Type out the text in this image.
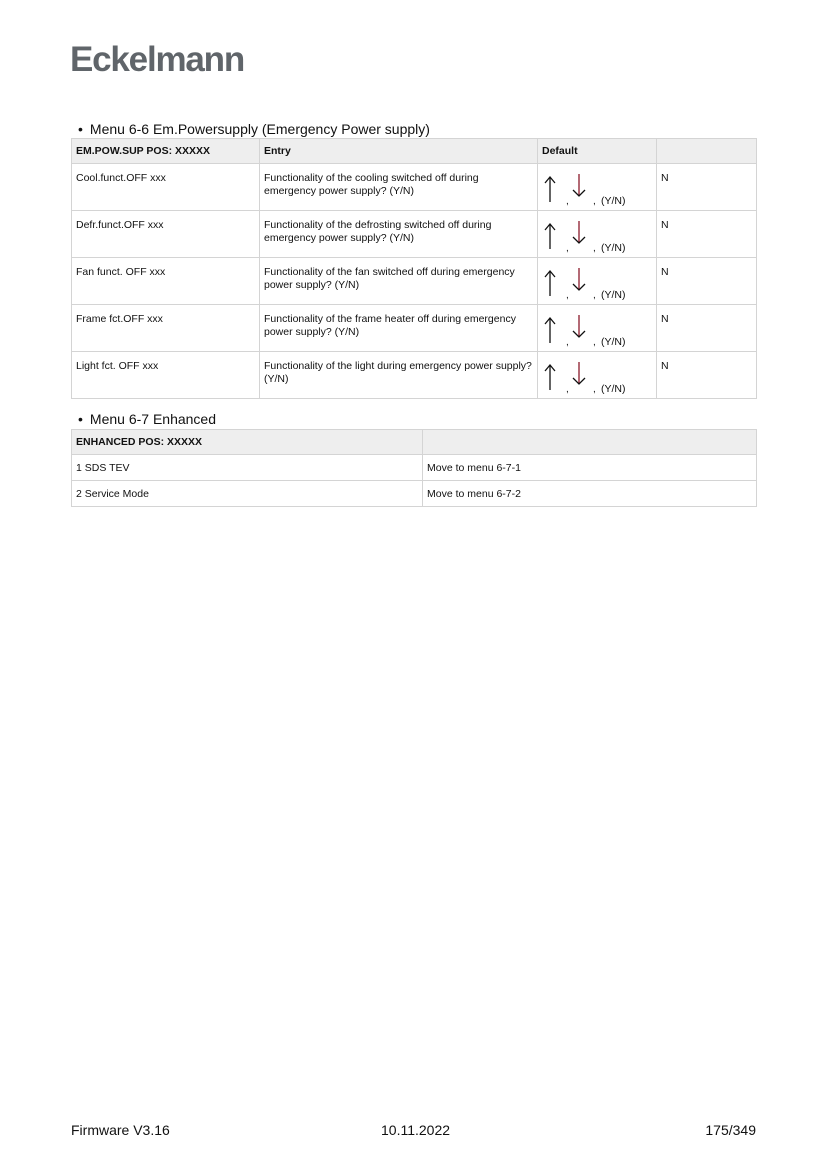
Eckelmann
• Menu 6-6 Em.Powersupply (Emergency Power supply)
EM.POW.SUP POS: XXXXX	Entry	Default	
Cool.funct.OFF xxx	Functionality of the cooling switched off during emergency power supply? (Y/N)	, , (Y/N)	N
Defr.funct.OFF xxx	Functionality of the defrosting switched off during emergency power supply? (Y/N)	, , (Y/N)	N
Fan funct. OFF xxx	Functionality of the fan switched off during emergency power supply? (Y/N)	, , (Y/N)	N
Frame fct.OFF xxx	Functionality of the frame heater off during emergency power supply? (Y/N)	, , (Y/N)	N
Light fct. OFF xxx	Functionality of the light during emergency power supply? (Y/N)	, , (Y/N)	N
• Menu 6-7 Enhanced
ENHANCED POS: XXXXX	
1 SDS TEV	Move to menu 6-7-1
2 Service Mode	Move to menu 6-7-2
Firmware V3.16	10.11.2022	175/349
